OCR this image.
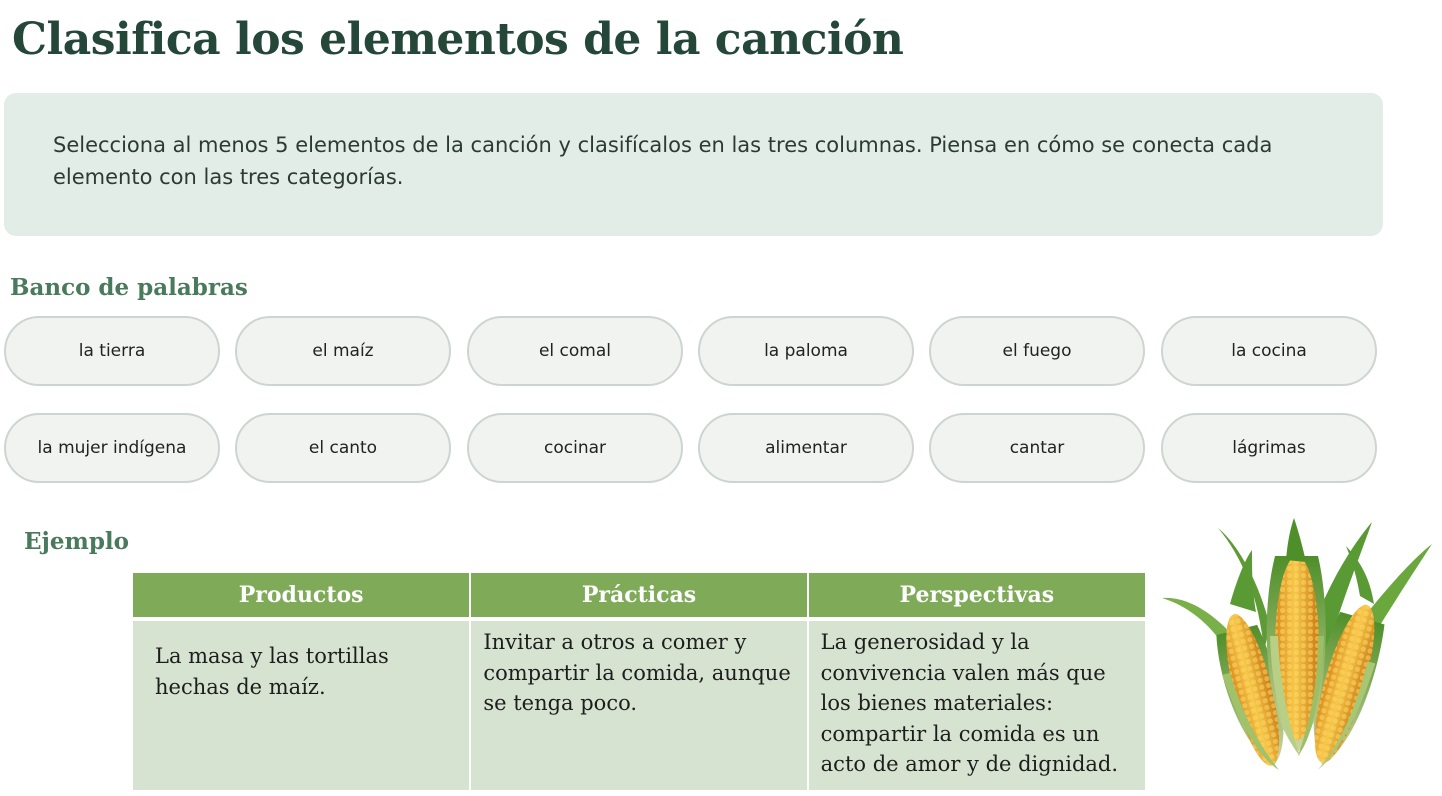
Clasifica los elementos de la canción

Selecciona al menos 5 elementos de la canción y clasifícalos en las tres columnas. Piensa en cómo se conecta cada elemento con las tres categorías.

Banco de palabras
la tierra	el maíz	el comal	la paloma	el fuego	la cocina
la mujer indígena	el canto	cocinar	alimentar	cantar	lágrimas
Ejemplo
Productos	Prácticas	Perspectivas

La masa y las tortillas hechas de maíz.	Invitar a otros a comer y compartir la comida, aunque se tenga poco.	La generosidad y la convivencia valen más que los bienes materiales: compartir la comida es un acto de amor y de dignidad.
